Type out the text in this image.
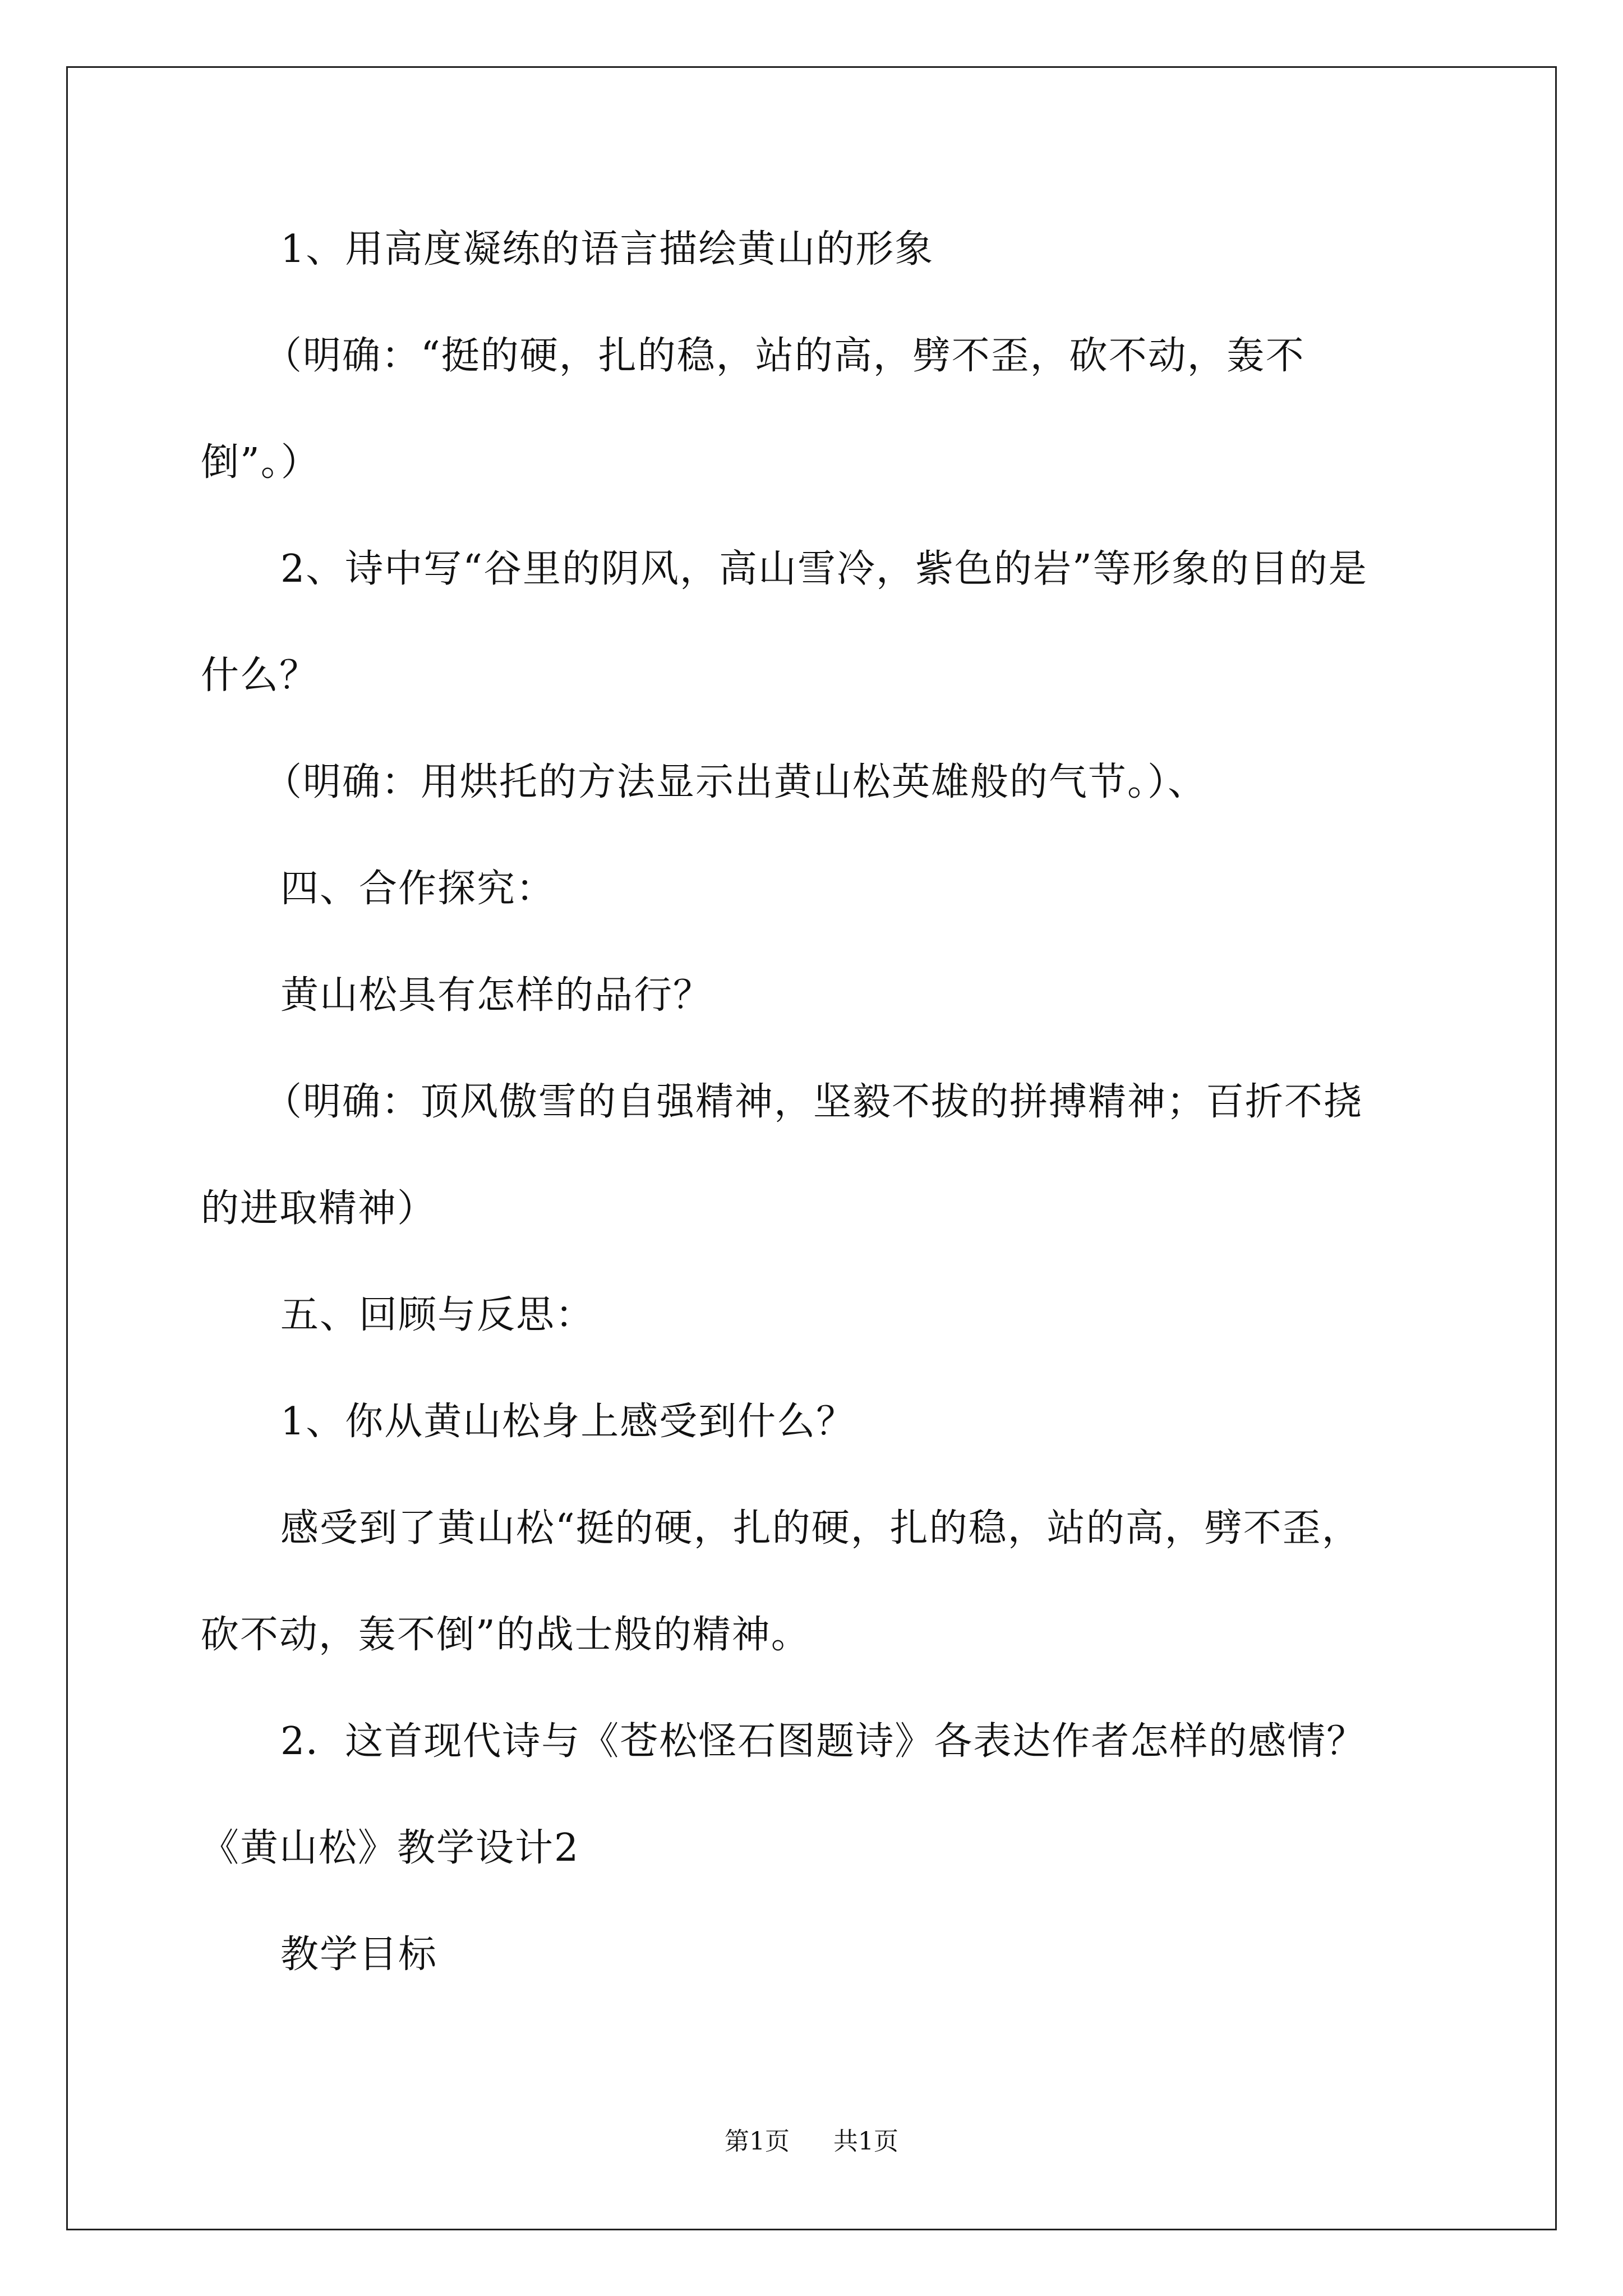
1、用高度凝练的语言描绘黄山的形象
（明确：“挺的硬，扎的稳，站的高，劈不歪，砍不动，轰不
倒”。）
2、诗中写“谷里的阴风，高山雪冷，紫色的岩”等形象的目的是
什么？
（明确：用烘托的方法显示出黄山松英雄般的气节。）、
四、合作探究：
黄山松具有怎样的品行？
（明确：顶风傲雪的自强精神，坚毅不拔的拼搏精神；百折不挠
的进取精神）
五、回顾与反思：
1、你从黄山松身上感受到什么？
感受到了黄山松“挺的硬，扎的硬，扎的稳，站的高，劈不歪，
砍不动，轰不倒”的战士般的精神。
2．这首现代诗与《苍松怪石图题诗》各表达作者怎样的感情？
《黄山松》教学设计2
教学目标
第1页 共1页
